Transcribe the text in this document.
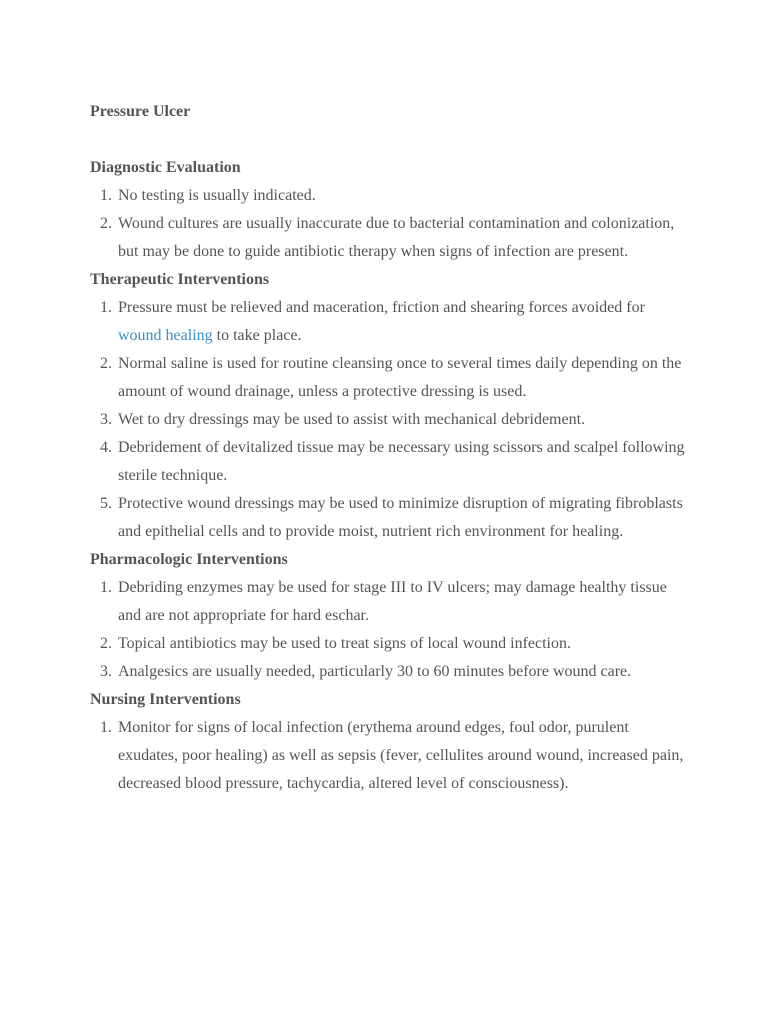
Pressure Ulcer
Diagnostic Evaluation
1. No testing is usually indicated.
2. Wound cultures are usually inaccurate due to bacterial contamination and colonization, but may be done to guide antibiotic therapy when signs of infection are present.
Therapeutic Interventions
1. Pressure must be relieved and maceration, friction and shearing forces avoided for wound healing to take place.
2. Normal saline is used for routine cleansing once to several times daily depending on the amount of wound drainage, unless a protective dressing is used.
3. Wet to dry dressings may be used to assist with mechanical debridement.
4. Debridement of devitalized tissue may be necessary using scissors and scalpel following sterile technique.
5. Protective wound dressings may be used to minimize disruption of migrating fibroblasts and epithelial cells and to provide moist, nutrient rich environment for healing.
Pharmacologic Interventions
1. Debriding enzymes may be used for stage III to IV ulcers; may damage healthy tissue and are not appropriate for hard eschar.
2. Topical antibiotics may be used to treat signs of local wound infection.
3. Analgesics are usually needed, particularly 30 to 60 minutes before wound care.
Nursing Interventions
1. Monitor for signs of local infection (erythema around edges, foul odor, purulent exudates, poor healing) as well as sepsis (fever, cellulites around wound, increased pain, decreased blood pressure, tachycardia, altered level of consciousness).
